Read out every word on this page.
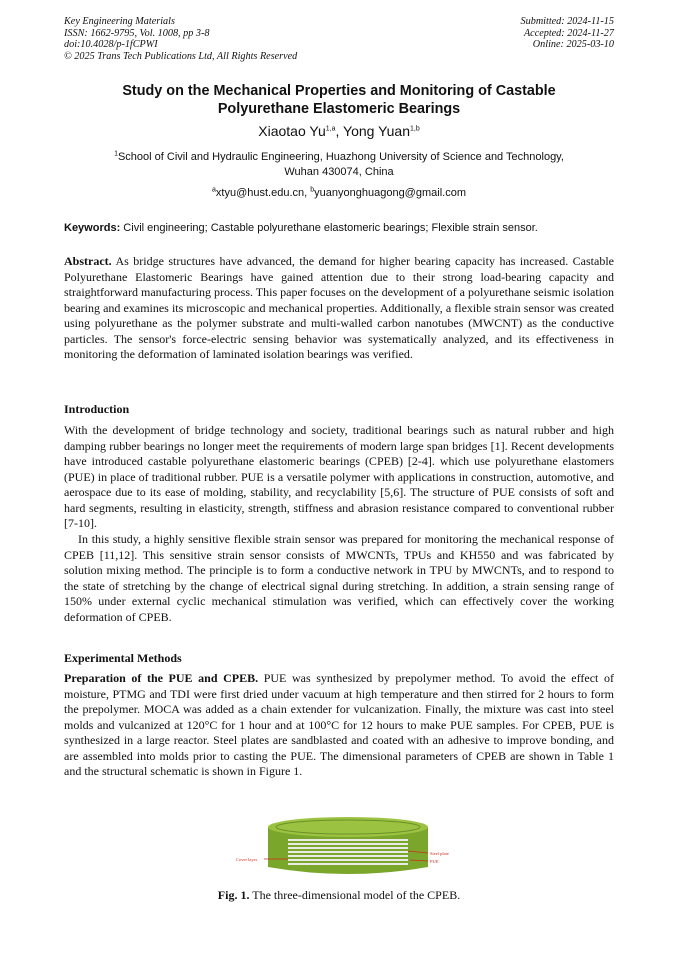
Key Engineering Materials
ISSN: 1662-9795, Vol. 1008, pp 3-8
doi:10.4028/p-1fCPWI
© 2025 Trans Tech Publications Ltd, All Rights Reserved
Submitted: 2024-11-15
Accepted: 2024-11-27
Online: 2025-03-10
Study on the Mechanical Properties and Monitoring of Castable
Polyurethane Elastomeric Bearings
Xiaotao Yu$^{1,a}$, Yong Yuan$^{1,b}$
$^1$School of Civil and Hydraulic Engineering, Huazhong University of Science and Technology,
Wuhan 430074, China
$^a$xtyu@hust.edu.cn, $^b$yuanyonghuagong@gmail.com
Keywords: Civil engineering; Castable polyurethane elastomeric bearings; Flexible strain sensor.
Abstract. As bridge structures have advanced, the demand for higher bearing capacity has increased. Castable Polyurethane Elastomeric Bearings have gained attention due to their strong load-bearing capacity and straightforward manufacturing process. This paper focuses on the development of a polyurethane seismic isolation bearing and examines its microscopic and mechanical properties. Additionally, a flexible strain sensor was created using polyurethane as the polymer substrate and multi-walled carbon nanotubes (MWCNT) as the conductive particles. The sensor's force-electric sensing behavior was systematically analyzed, and its effectiveness in monitoring the deformation of laminated isolation bearings was verified.
Introduction
With the development of bridge technology and society, traditional bearings such as natural rubber and high damping rubber bearings no longer meet the requirements of modern large span bridges [1]. Recent developments have introduced castable polyurethane elastomeric bearings (CPEB) [2-4]. which use polyurethane elastomers (PUE) in place of traditional rubber. PUE is a versatile polymer with applications in construction, automotive, and aerospace due to its ease of molding, stability, and recyclability [5,6]. The structure of PUE consists of soft and hard segments, resulting in elasticity, strength, stiffness and abrasion resistance compared to conventional rubber [7-10].
In this study, a highly sensitive flexible strain sensor was prepared for monitoring the mechanical response of CPEB [11,12]. This sensitive strain sensor consists of MWCNTs, TPUs and KH550 and was fabricated by solution mixing method. The principle is to form a conductive network in TPU by MWCNTs, and to respond to the state of stretching by the change of electrical signal during stretching. In addition, a strain sensing range of 150% under external cyclic mechanical stimulation was verified, which can effectively cover the working deformation of CPEB.
Experimental Methods
Preparation of the PUE and CPEB. PUE was synthesized by prepolymer method. To avoid the effect of moisture, PTMG and TDI were first dried under vacuum at high temperature and then stirred for 2 hours to form the prepolymer. MOCA was added as a chain extender for vulcanization. Finally, the mixture was cast into steel molds and vulcanized at 120°C for 1 hour and at 100°C for 12 hours to make PUE samples. For CPEB, PUE is synthesized in a large reactor. Steel plates are sandblasted and coated with an adhesive to improve bonding, and are assembled into molds prior to casting the PUE. The dimensional parameters of CPEB are shown in Table 1 and the structural schematic is shown in Figure 1.
Cover layer
Steel plate
PUE
Fig. 1. The three-dimensional model of the CPEB.
